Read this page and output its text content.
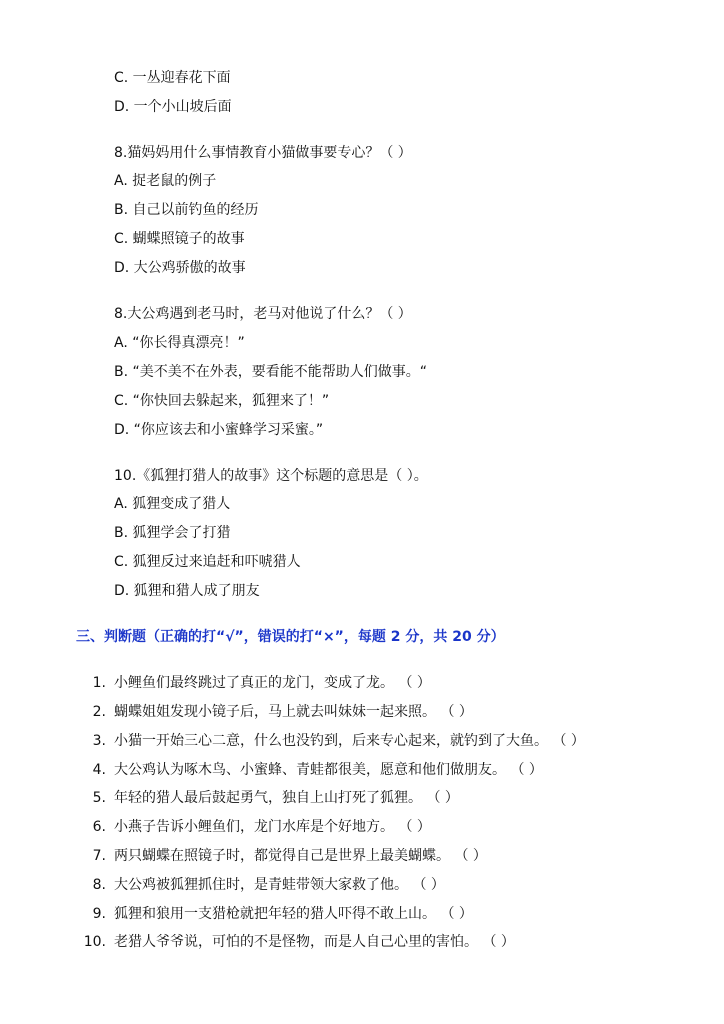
C. 一丛迎春花下面
D. 一个小山坡后面
8.猫妈妈用什么事情教育小猫做事要专心？（ ）
A. 捉老鼠的例子
B. 自己以前钓鱼的经历
C. 蝴蝶照镜子的故事
D. 大公鸡骄傲的故事
8.大公鸡遇到老马时，老马对他说了什么？（ ）
A. “你长得真漂亮！”
B. “美不美不在外表，要看能不能帮助人们做事。“
C. “你快回去躲起来，狐狸来了！”
D. “你应该去和小蜜蜂学习采蜜。”
10.《狐狸打猎人的故事》这个标题的意思是（ ）。
A. 狐狸变成了猎人
B. 狐狸学会了打猎
C. 狐狸反过来追赶和吓唬猎人
D. 狐狸和猎人成了朋友
三、判断题（正确的打“√”，错误的打“×”，每题 2 分，共 20 分）
1. 小鲤鱼们最终跳过了真正的龙门，变成了龙。 （ ）
2. 蝴蝶姐姐发现小镜子后，马上就去叫妹妹一起来照。 （ ）
3. 小猫一开始三心二意，什么也没钓到，后来专心起来，就钓到了大鱼。 （ ）
4. 大公鸡认为啄木鸟、小蜜蜂、青蛙都很美，愿意和他们做朋友。 （ ）
5. 年轻的猎人最后鼓起勇气，独自上山打死了狐狸。 （ ）
6. 小燕子告诉小鲤鱼们，龙门水库是个好地方。 （ ）
7. 两只蝴蝶在照镜子时，都觉得自己是世界上最美蝴蝶。 （ ）
8. 大公鸡被狐狸抓住时，是青蛙带领大家救了他。 （ ）
9. 狐狸和狼用一支猎枪就把年轻的猎人吓得不敢上山。 （ ）
10. 老猎人爷爷说，可怕的不是怪物，而是人自己心里的害怕。 （ ）
